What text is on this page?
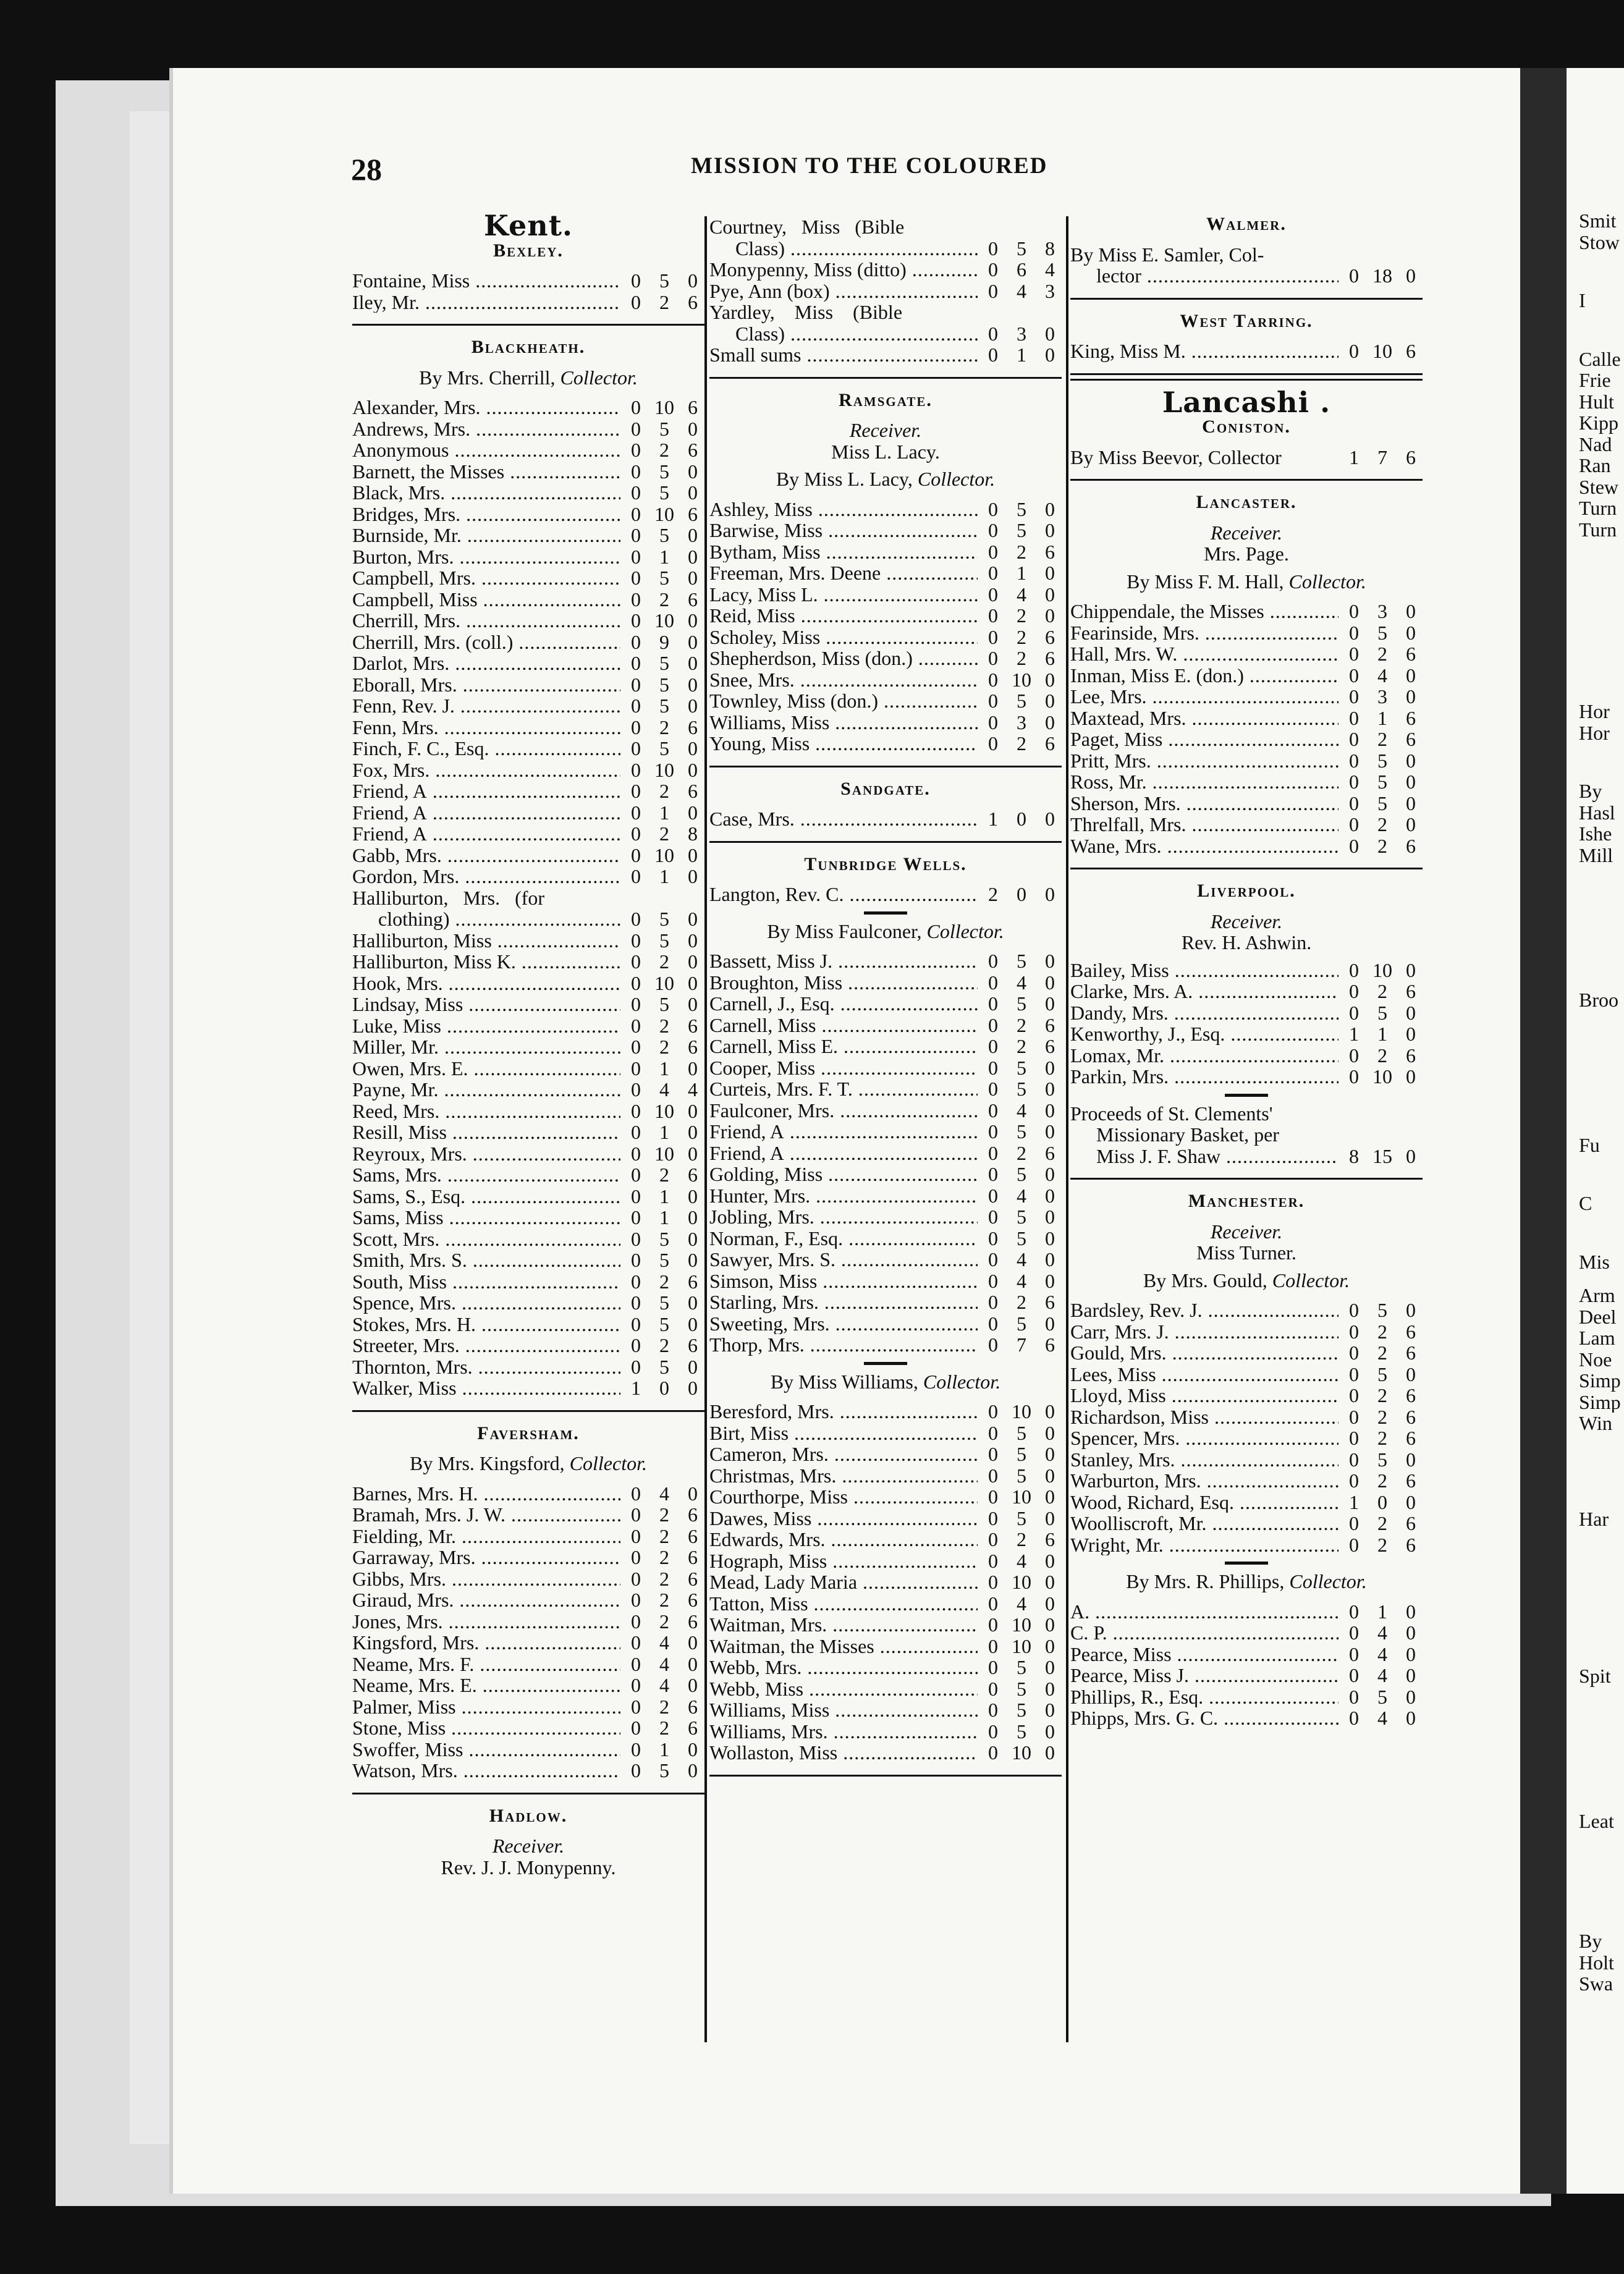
Smit
Stow
I
Calle
Frie
Hult
Kipp
Nad
Ran
Stew
Turn
Turn
Hor
Hor
By
Hasl
Ishe
Mill
Broo
Fu
C
Mis
Arm
Deel
Lam
Noe
Simp
Simp
Win
Har
Spit
Leat
By
Holt
Swa
28	MISSION TO THE COLOURED
Kent.
Bexley.
Fontaine, Miss .....	0 5 0
Iley, Mr. .....	0 2 6
Blackheath.
By Mrs. Cherrill, Collector.
Alexander, Mrs. .....	0 10 6
Andrews, Mrs. .....	0 5 0
Anonymous .....	0 2 6
Barnett, the Misses .....	0 5 0
Black, Mrs. .....	0 5 0
Bridges, Mrs. .....	0 10 6
Burnside, Mr. .....	0 5 0
Burton, Mrs. .....	0 1 0
Campbell, Mrs. .....	0 5 0
Campbell, Miss .....	0 2 6
Cherrill, Mrs. .....	0 10 0
Cherrill, Mrs. (coll.) .....	0 9 0
Darlot, Mrs. .....	0 5 0
Eborall, Mrs. .....	0 5 0
Fenn, Rev. J. .....	0 5 0
Fenn, Mrs. .....	0 2 6
Finch, F. C., Esq. .....	0 5 0
Fox, Mrs. .....	0 10 0
Friend, A .....	0 2 6
Friend, A .....	0 1 0
Friend, A .....	0 2 8
Gabb, Mrs. .....	0 10 0
Gordon, Mrs. .....	0 1 0
Halliburton,   Mrs.   (for
clothing) .....	0 5 0
Halliburton, Miss .....	0 5 0
Halliburton, Miss K. .....	0 2 0
Hook, Mrs. .....	0 10 0
Lindsay, Miss .....	0 5 0
Luke, Miss .....	0 2 6
Miller, Mr. .....	0 2 6
Owen, Mrs. E. .....	0 1 0
Payne, Mr. .....	0 4 4
Reed, Mrs. .....	0 10 0
Resill, Miss .....	0 1 0
Reyroux, Mrs. .....	0 10 0
Sams, Mrs. .....	0 2 6
Sams, S., Esq. .....	0 1 0
Sams, Miss .....	0 1 0
Scott, Mrs. .....	0 5 0
Smith, Mrs. S. .....	0 5 0
South, Miss .....	0 2 6
Spence, Mrs. .....	0 5 0
Stokes, Mrs. H. .....	0 5 0
Streeter, Mrs. .....	0 2 6
Thornton, Mrs. .....	0 5 0
Walker, Miss .....	1 0 0
Faversham.
By Mrs. Kingsford, Collector.
Barnes, Mrs. H. .....	0 4 0
Bramah, Mrs. J. W. .....	0 2 6
Fielding, Mr. .....	0 2 6
Garraway, Mrs. .....	0 2 6
Gibbs, Mrs. .....	0 2 6
Giraud, Mrs. .....	0 2 6
Jones, Mrs. .....	0 2 6
Kingsford, Mrs. .....	0 4 0
Neame, Mrs. F. .....	0 4 0
Neame, Mrs. E. .....	0 4 0
Palmer, Miss .....	0 2 6
Stone, Miss .....	0 2 6
Swoffer, Miss .....	0 1 0
Watson, Mrs. .....	0 5 0
Hadlow.
Receiver.
Rev. J. J. Monypenny.
Courtney,   Miss   (Bible
Class) .....	0 5 8
Monypenny, Miss (ditto) .....	0 6 4
Pye, Ann (box) .....	0 4 3
Yardley,    Miss    (Bible
Class) .....	0 3 0
Small sums .....	0 1 0
Ramsgate.
Receiver.
Miss L. Lacy.
By Miss L. Lacy, Collector.
Ashley, Miss .....	0 5 0
Barwise, Miss .....	0 5 0
Bytham, Miss .....	0 2 6
Freeman, Mrs. Deene .....	0 1 0
Lacy, Miss L. .....	0 4 0
Reid, Miss .....	0 2 0
Scholey, Miss .....	0 2 6
Shepherdson, Miss (don.) .....	0 2 6
Snee, Mrs. .....	0 10 0
Townley, Miss (don.) .....	0 5 0
Williams, Miss .....	0 3 0
Young, Miss .....	0 2 6
Sandgate.
Case, Mrs. .....	1 0 0
Tunbridge Wells.
Langton, Rev. C. .....	2 0 0
By Miss Faulconer, Collector.
Bassett, Miss J. .....	0 5 0
Broughton, Miss .....	0 4 0
Carnell, J., Esq. .....	0 5 0
Carnell, Miss .....	0 2 6
Carnell, Miss E. .....	0 2 6
Cooper, Miss .....	0 5 0
Curteis, Mrs. F. T. .....	0 5 0
Faulconer, Mrs. .....	0 4 0
Friend, A .....	0 5 0
Friend, A .....	0 2 6
Golding, Miss .....	0 5 0
Hunter, Mrs. .....	0 4 0
Jobling, Mrs. .....	0 5 0
Norman, F., Esq. .....	0 5 0
Sawyer, Mrs. S. .....	0 4 0
Simson, Miss .....	0 4 0
Starling, Mrs. .....	0 2 6
Sweeting, Mrs. .....	0 5 0
Thorp, Mrs. .....	0 7 6
By Miss Williams, Collector.
Beresford, Mrs. .....	0 10 0
Birt, Miss .....	0 5 0
Cameron, Mrs. .....	0 5 0
Christmas, Mrs. .....	0 5 0
Courthorpe, Miss .....	0 10 0
Dawes, Miss .....	0 5 0
Edwards, Mrs. .....	0 2 6
Hograph, Miss .....	0 4 0
Mead, Lady Maria .....	0 10 0
Tatton, Miss .....	0 4 0
Waitman, Mrs. .....	0 10 0
Waitman, the Misses .....	0 10 0
Webb, Mrs. .....	0 5 0
Webb, Miss .....	0 5 0
Williams, Miss .....	0 5 0
Williams, Mrs. .....	0 5 0
Wollaston, Miss .....	0 10 0
Walmer.
By Miss E. Samler, Col-
lector .....	0 18 0
West Tarring.
King, Miss M. .....	0 10 6
Lancashi .
Coniston.
By Miss Beevor, Collector	1 7 6
Lancaster.
Receiver.
Mrs. Page.
By Miss F. M. Hall, Collector.
Chippendale, the Misses .....	0 3 0
Fearinside, Mrs. .....	0 5 0
Hall, Mrs. W. .....	0 2 6
Inman, Miss E. (don.) .....	0 4 0
Lee, Mrs. .....	0 3 0
Maxtead, Mrs. .....	0 1 6
Paget, Miss .....	0 2 6
Pritt, Mrs. .....	0 5 0
Ross, Mr. .....	0 5 0
Sherson, Mrs. .....	0 5 0
Threlfall, Mrs. .....	0 2 0
Wane, Mrs. .....	0 2 6
Liverpool.
Receiver.
Rev. H. Ashwin.
Bailey, Miss .....	0 10 0
Clarke, Mrs. A. .....	0 2 6
Dandy, Mrs. .....	0 5 0
Kenworthy, J., Esq. .....	1 1 0
Lomax, Mr. .....	0 2 6
Parkin, Mrs. .....	0 10 0
Proceeds of St. Clements'
Missionary Basket, per
Miss J. F. Shaw .....	8 15 0
Manchester.
Receiver.
Miss Turner.
By Mrs. Gould, Collector.
Bardsley, Rev. J. .....	0 5 0
Carr, Mrs. J. .....	0 2 6
Gould, Mrs. .....	0 2 6
Lees, Miss .....	0 5 0
Lloyd, Miss .....	0 2 6
Richardson, Miss .....	0 2 6
Spencer, Mrs. .....	0 2 6
Stanley, Mrs. .....	0 5 0
Warburton, Mrs. .....	0 2 6
Wood, Richard, Esq. .....	1 0 0
Woolliscroft, Mr. .....	0 2 6
Wright, Mr. .....	0 2 6
By Mrs. R. Phillips, Collector.
A. .....	0 1 0
C. P. .....	0 4 0
Pearce, Miss .....	0 4 0
Pearce, Miss J. .....	0 4 0
Phillips, R., Esq. .....	0 5 0
Phipps, Mrs. G. C. .....	0 4 0
